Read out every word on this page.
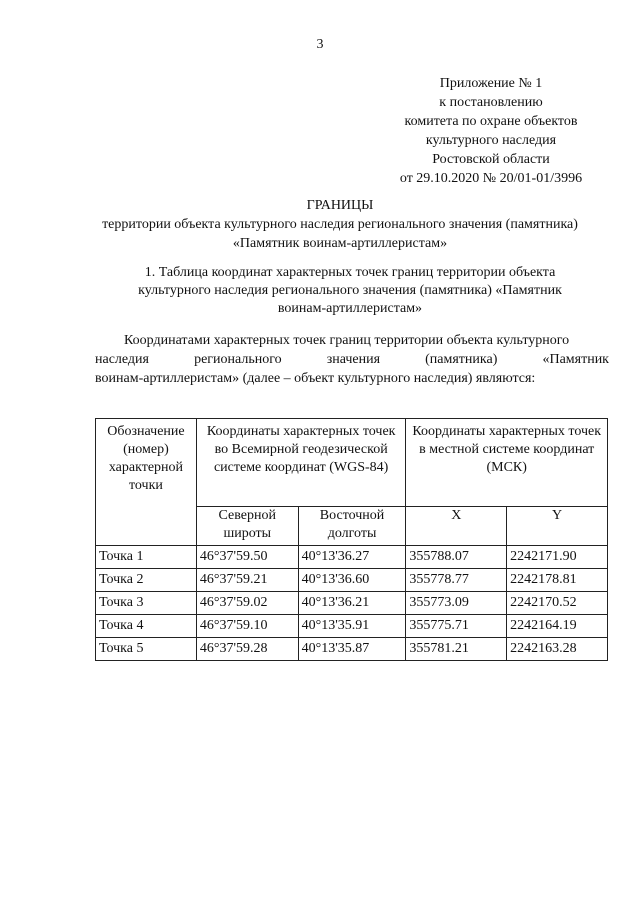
3
Приложение № 1
к постановлению
комитета по охране объектов
культурного наследия
Ростовской области
от 29.10.2020 № 20/01-01/3996
ГРАНИЦЫ
территории объекта культурного наследия регионального значения (памятника)
«Памятник воинам-артиллеристам»
1. Таблица координат характерных точек границ территории объекта
культурного наследия регионального значения (памятника) «Памятник
воинам-артиллеристам»
Координатами характерных точек границ территории объекта культурного
наследия регионального значения (памятника) «Памятник
воинам-артиллеристам» (далее – объект культурного наследия) являются:
Обозначение (номер) характерной точки	Координаты характерных точек во Всемирной геодезической системе координат (WGS-84)		Координаты характерных точек в местной системе координат (МСК)	
	Северной широты	Восточной долготы	X	Y
Точка 1	46°37'59.50	40°13'36.27	355788.07	2242171.90
Точка 2	46°37'59.21	40°13'36.60	355778.77	2242178.81
Точка 3	46°37'59.02	40°13'36.21	355773.09	2242170.52
Точка 4	46°37'59.10	40°13'35.91	355775.71	2242164.19
Точка 5	46°37'59.28	40°13'35.87	355781.21	2242163.28
